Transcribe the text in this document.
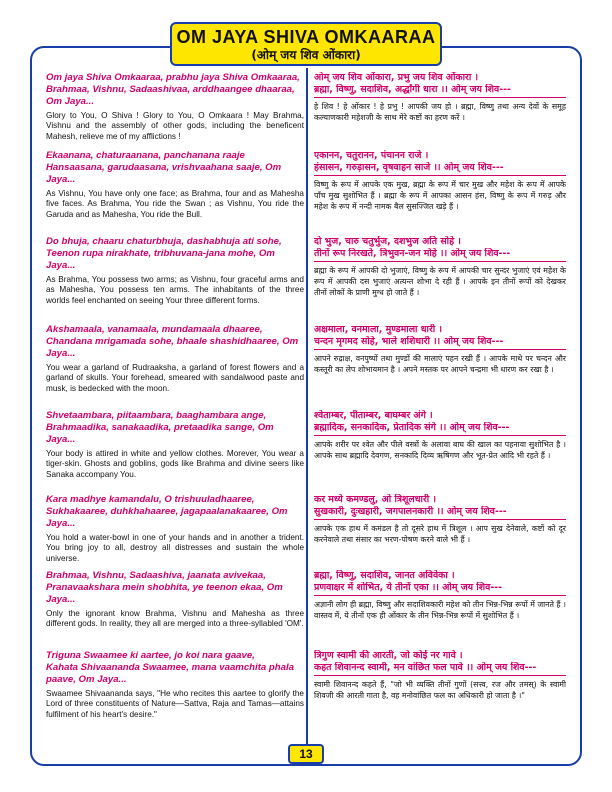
OM JAYA SHIVA OMKAARAA
(ओम् जय शिव ओंकारा)

Om jaya Shiva Omkaaraa, prabhu jaya Shiva Omkaaraa,
Brahmaa, Vishnu, Sadaashivaa, arddhaangee dhaaraa, Om Jaya...

Glory to You, O Shiva ! Glory to You, O Omkaara ! May Brahma, Vishnu and the assembly of other gods, including the beneficent Mahesh, relieve me of my afflictions !

ओम् जय शिव ओंकारा, प्रभु जय शिव ओंकारा ।

ब्रह्मा, विष्णु, सदाशिव, अर्द्धांगी धारा ।। ओम् जय शिव---

हे शिव ! हे ओंकार ! हे प्रभु ! आपकी जय हो । ब्रह्मा, विष्णु तथा अन्य देवों के समूह कल्याणकारी महेशजी के साथ मेरे कष्टों का हरण करें ।

Ekaanana, chaturaanana, panchanana raaje
Hansaasana, garudaasana, vrishvaahana saaje, Om Jaya...

As Vishnu, You have only one face; as Brahma, four and as Mahesha five faces. As Brahma, You ride the Swan ; as Vishnu, You ride the Garuda and as Mahesha, You ride the Bull.

एकानन, चतुरानन, पंचानन राजे ।

हंसासन, गरुड़ासन, वृषवाहन साजे ।। ओम् जय शिव---

विष्णु के रूप में आपके एक मुख, ब्रह्मा के रूप में चार मुख और महेश के रूप में आपके पाँच मुख सुशोभित हैं । ब्रह्मा के रूप में आपका आसन हंस, विष्णु के रूप में गरुड़ और महेश के रूप में नन्दी नामक बैल सुसज्जित खड़े हैं ।

Do bhuja, chaaru chaturbhuja, dashabhuja ati sohe,
Teenon rupa nirakhate, tribhuvana-jana mohe, Om Jaya...

As Brahma, You possess two arms; as Vishnu, four graceful arms and as Mahesha, You possess ten arms. The inhabitants of the three worlds feel enchanted on seeing Your three different forms.

दो भुज, चारु चतुर्भुज, दशभुज अति सोहे ।

तीनों रूप निरखते, त्रिभुवन-जन मोहे ।। ओम् जय शिव---

ब्रह्मा के रूप में आपकी दो भुजाएं, विष्णु के रूप में आपकी चार सुन्दर भुजाएं एवं महेश के रूप में आपकी दस भुजाएं अत्यन्त शोभा दे रही हैं । आपके इन तीनों रूपों को देखकर तीनों लोकों के प्राणी मुग्ध हो जाते हैं ।

Akshamaala, vanamaala, mundamaala dhaaree,
Chandana mrigamada sohe, bhaale shashidhaaree, Om Jaya...

You wear a garland of Rudraaksha, a garland of forest flowers and a garland of skulls. Your forehead, smeared with sandalwood paste and musk, is bedecked with the moon.

अक्षमाला, वनमाला, मुण्डमाला धारी ।

चन्दन मृगमद सोहे, भाले शशिधारी ।। ओम् जय शिव---

आपने रुद्राक्ष, वनपुष्पों तथा मुण्डों की मालाएं पहन रखी हैं । आपके माथे पर चन्दन और कस्तूरी का लेप शोभायमान है । अपने मस्तक पर आपने चन्द्रमा भी धारण कर रखा है ।

Shvetaambara, piitaambara, baaghambara ange,
Brahmaadika, sanakaadika, pretaadika sange, Om Jaya...

Your body is attired in white and yellow clothes. Morever, You wear a tiger-skin. Ghosts and goblins, gods like Brahma and divine seers like Sanaka accompany You.

श्वेताम्बर, पीताम्बर, बाघम्बर अंगे ।

ब्रह्मादिक, सनकादिक, प्रेतादिक संगे ।। ओम् जय शिव---

आपके शरीर पर श्वेत और पीले वस्त्रों के अलावा बाघ की खाल का पहनावा सुशोभित है । आपके साथ ब्रह्मादि देवगण, सनकादि दिव्य ऋषिगण और भूत-प्रेत आदि भी रहते हैं ।

Kara madhye kamandalu, O trishuuladhaaree,
Sukhakaaree, duhkhahaaree, jagapaalanakaaree, Om Jaya...

You hold a water-bowl in one of your hands and in another a trident. You bring joy to all, destroy all distresses and sustain the whole universe.

कर मध्ये कमण्डलु, ओ त्रिशूलधारी ।

सुखकारी, दुःखहारी, जगपालनकारी ।। ओम् जय शिव---

आपके एक हाथ में कमंडल है तो दूसरे हाथ में त्रिशूल । आप सुख देनेवाले, कष्टों को दूर करनेवाले तथा संसार का भरण-पोषण करने वाले भी हैं ।

Brahmaa, Vishnu, Sadaashiva, jaanata avivekaa,
Pranavaakshara mein shobhita, ye teenon ekaa, Om Jaya...

Only the ignorant know Brahma, Vishnu and Mahesha as three different gods. In reality, they all are merged into a three-syllabled 'OM'.

ब्रह्मा, विष्णु, सदाशिव, जानत अविवेका ।

प्रणवाक्षर में शोभित, ये तीनों एका ।। ओम् जय शिव---

अज्ञानी लोग ही ब्रह्मा, विष्णु और सदाशिवकारी महेश को तीन भिन्न-भिन्न रूपों में जानते हैं । वास्तव में, ये तीनों एक ही ओंकार के तीन भिन्न-भिन्न रूपों में सुशोभित हैं ।

Triguna Swaamee ki aartee, jo koi nara gaave,
Kahata Shivaananda Swaamee, mana vaamchita phala paave, Om Jaya...

Swaamee Shivaananda says, "He who recites this aartee to glorify the Lord of three constituents of Nature—Sattva, Raja and Tamas—attains fulfilment of his heart's desire."

त्रिगुण स्वामी की आरती, जो कोई नर गावे ।

कहत शिवानन्द स्वामी, मन वांछित फल पावे ।। ओम् जय शिव---

स्वामी शिवानन्द कहते हैं, "जो भी व्यक्ति तीनों गुणों (सत्त्व, रज और तमस्) के स्वामी शिवजी की आरती गाता है, वह मनोवांछित फल का अधिकारी हो जाता है ।"

13
